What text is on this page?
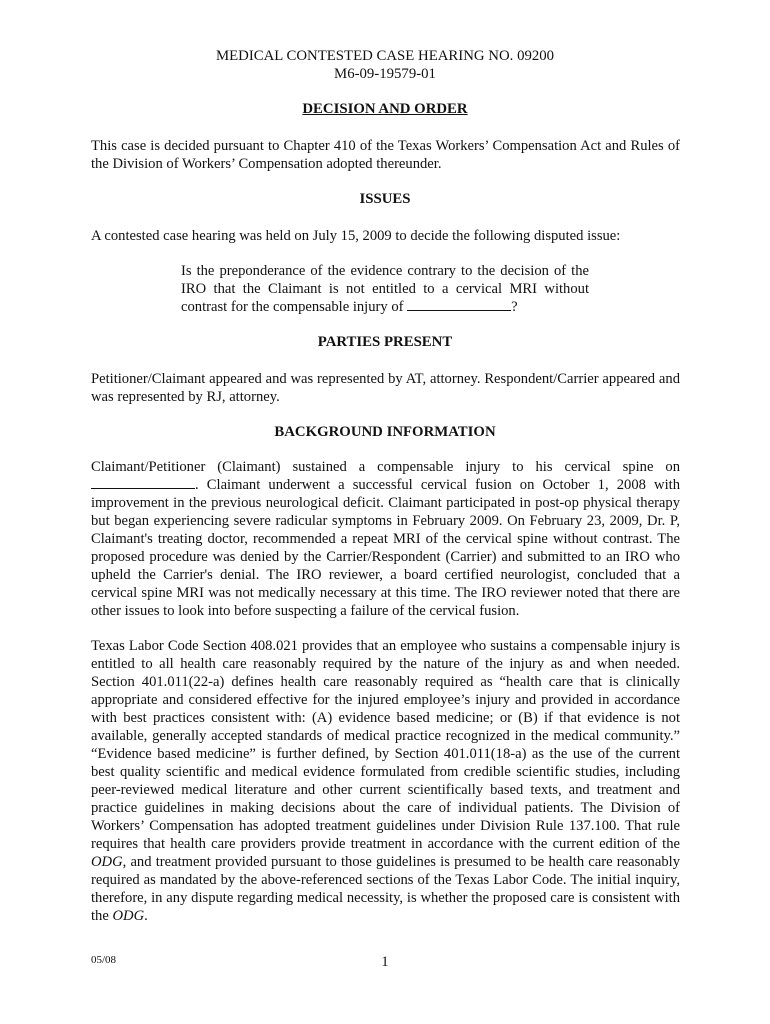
MEDICAL CONTESTED CASE HEARING NO. 09200
M6-09-19579-01
DECISION AND ORDER
This case is decided pursuant to Chapter 410 of the Texas Workers’ Compensation Act and Rules of the Division of Workers’ Compensation adopted thereunder.
ISSUES
A contested case hearing was held on July 15, 2009 to decide the following disputed issue:
Is the preponderance of the evidence contrary to the decision of the IRO that the Claimant is not entitled to a cervical MRI without contrast for the compensable injury of	?
PARTIES PRESENT
Petitioner/Claimant appeared and was represented by AT, attorney. Respondent/Carrier appeared and was represented by RJ, attorney.
BACKGROUND INFORMATION
Claimant/Petitioner (Claimant) sustained a compensable injury to his cervical spine on . Claimant underwent a successful cervical fusion on October 1, 2008 with improvement in the previous neurological deficit. Claimant participated in post-op physical therapy but began experiencing severe radicular symptoms in February 2009. On February 23, 2009, Dr. P, Claimant's treating doctor, recommended a repeat MRI of the cervical spine without contrast. The proposed procedure was denied by the Carrier/Respondent (Carrier) and submitted to an IRO who upheld the Carrier's denial. The IRO reviewer, a board certified neurologist, concluded that a cervical spine MRI was not medically necessary at this time. The IRO reviewer noted that there are other issues to look into before suspecting a failure of the cervical fusion.
Texas Labor Code Section 408.021 provides that an employee who sustains a compensable injury is entitled to all health care reasonably required by the nature of the injury as and when needed. Section 401.011(22-a) defines health care reasonably required as “health care that is clinically appropriate and considered effective for the injured employee’s injury and provided in accordance with best practices consistent with: (A) evidence based medicine; or (B) if that evidence is not available, generally accepted standards of medical practice recognized in the medical community.” “Evidence based medicine” is further defined, by Section 401.011(18-a) as the use of the current best quality scientific and medical evidence formulated from credible scientific studies, including peer-reviewed medical literature and other current scientifically based texts, and treatment and practice guidelines in making decisions about the care of individual patients. The Division of Workers’ Compensation has adopted treatment guidelines under Division Rule 137.100. That rule requires that health care providers provide treatment in accordance with the current edition of the ODG, and treatment provided pursuant to those guidelines is presumed to be health care reasonably required as mandated by the above-referenced sections of the Texas Labor Code. The initial inquiry, therefore, in any dispute regarding medical necessity, is whether the proposed care is consistent with the ODG.
05/08	1
